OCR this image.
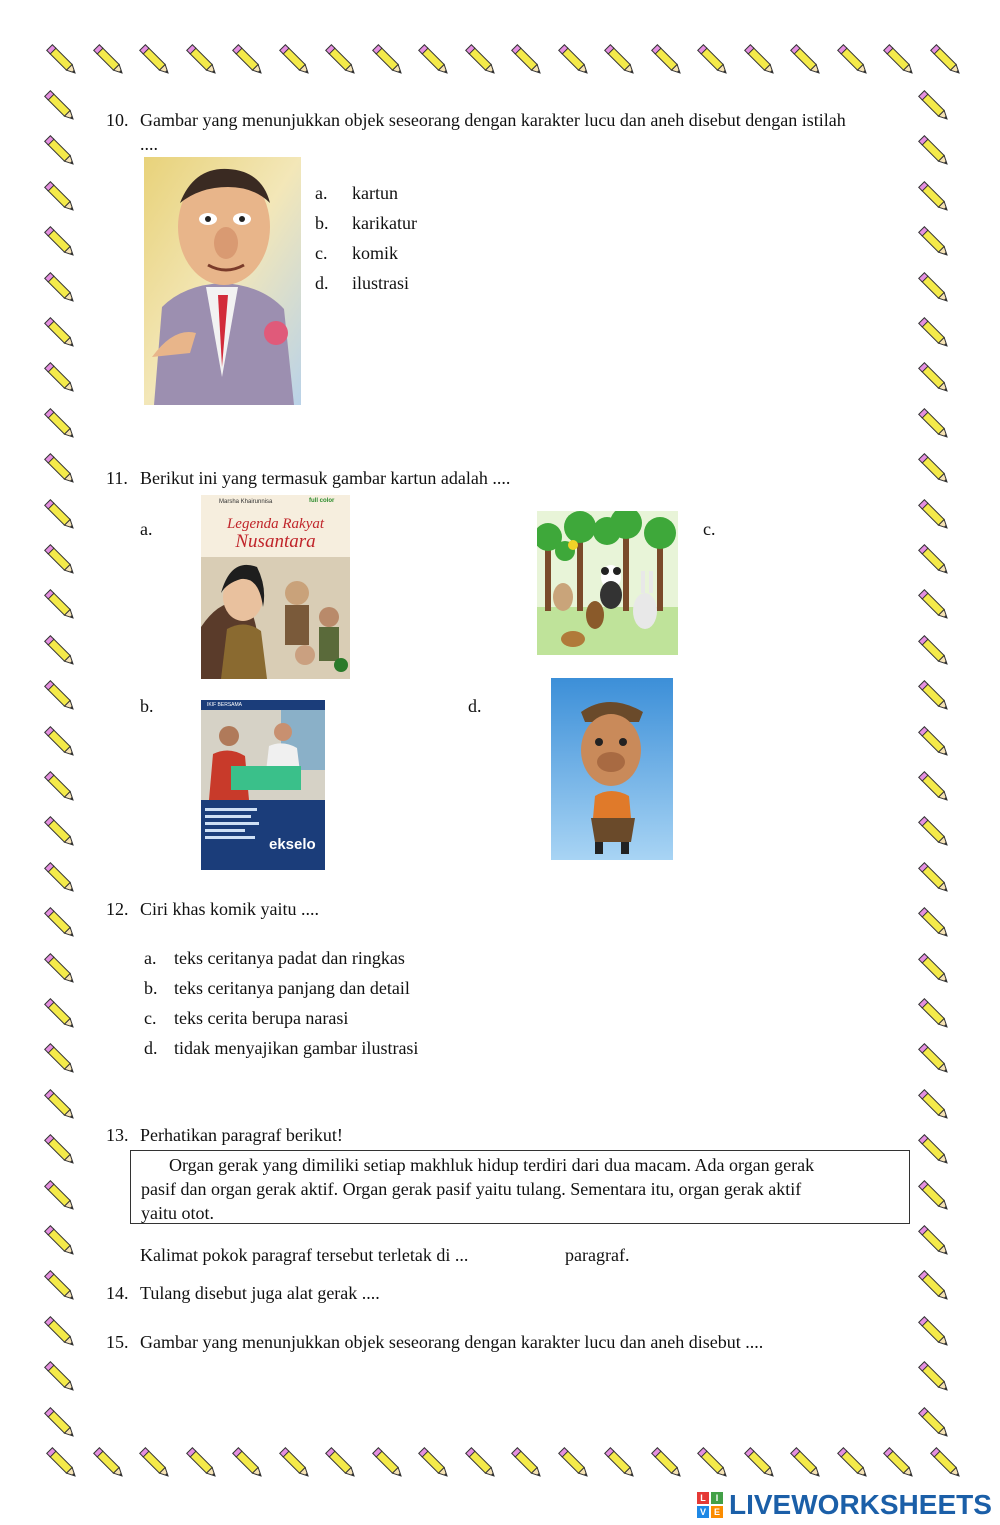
10. Gambar yang menunjukkan objek seseorang dengan karakter lucu dan aneh disebut dengan istilah
....
a. kartun
b. karikatur
c. komik
d. ilustrasi
11. Berikut ini yang termasuk gambar kartun adalah ....
a.	c.
b.	d.
Marsha Khairunnisa	full color
Legenda Rakyat
Nusantara
IKIF BERSAMA
ekselo
12. Ciri khas komik yaitu ....
a. teks ceritanya padat dan ringkas
b. teks ceritanya panjang dan detail
c. teks cerita berupa narasi
d. tidak menyajikan gambar ilustrasi
13. Perhatikan paragraf berikut!
Organ gerak yang dimiliki setiap makhluk hidup terdiri dari dua macam. Ada organ gerak
pasif dan organ gerak aktif. Organ gerak pasif yaitu tulang. Sementara itu, organ gerak aktif
yaitu otot.
Kalimat pokok paragraf tersebut terletak di ...	paragraf.
14. Tulang disebut juga alat gerak ....
15. Gambar yang menunjukkan objek seseorang dengan karakter lucu dan aneh disebut ....
L	I
V E LIVEWORKSHEETS
